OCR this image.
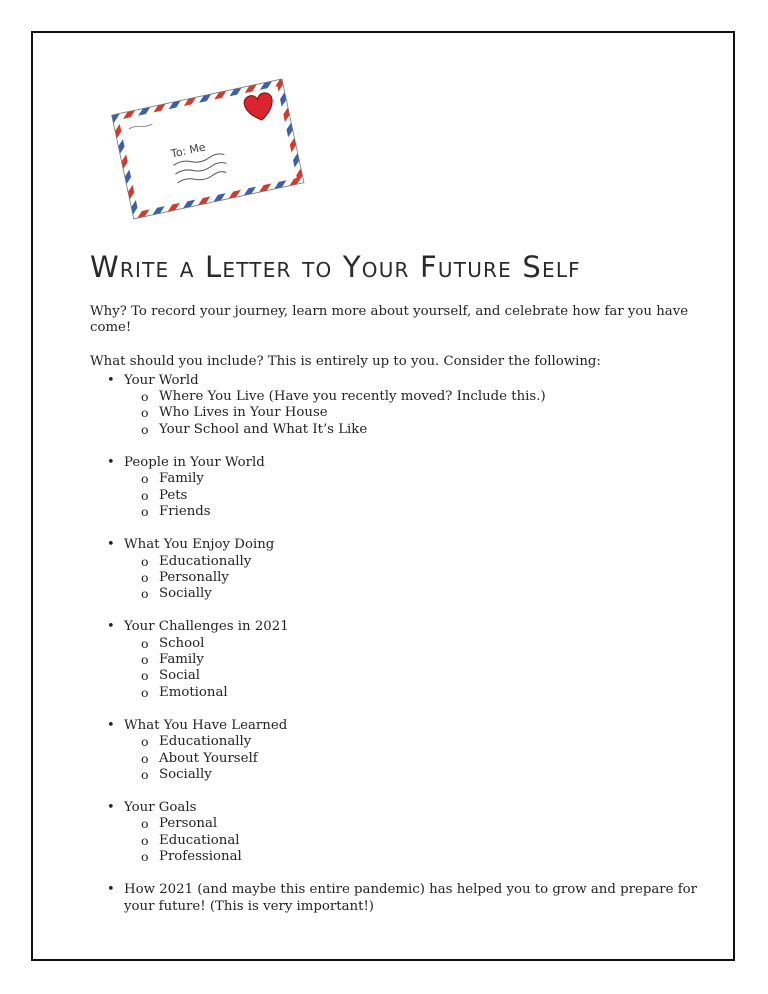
To: Me
Write a Letter to Your Future Self

Why? To record your journey, learn more about yourself, and celebrate how far you have come!

What should you include? This is entirely up to you. Consider the following:

• Your World
o Where You Live (Have you recently moved? Include this.)
o Who Lives in Your House
o Your School and What It’s Like
• People in Your World
o Family
o Pets
o Friends
• What You Enjoy Doing
o Educationally
o Personally
o Socially
• Your Challenges in 2021
o School
o Family
o Social
o Emotional
• What You Have Learned
o Educationally
o About Yourself
o Socially
• Your Goals
o Personal
o Educational
o Professional
• How 2021 (and maybe this entire pandemic) has helped you to grow and prepare for your future! (This is very important!)
